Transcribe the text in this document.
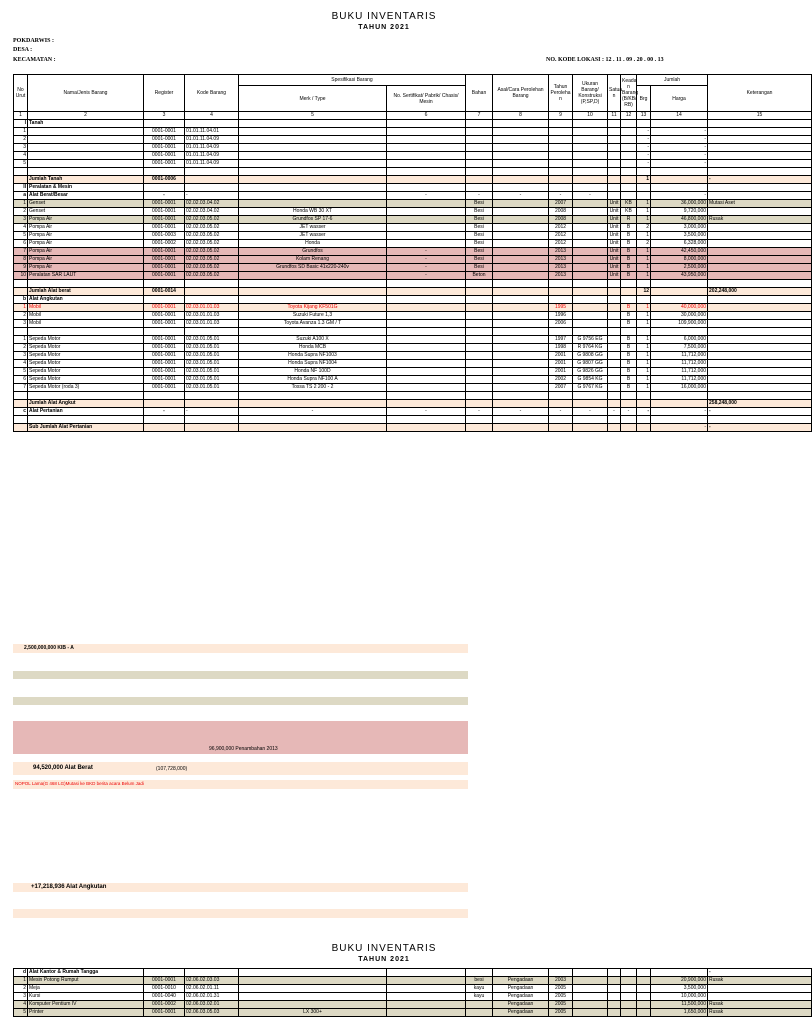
BUKU INVENTARIS
TAHUN 2021
POKDARWIS :
DESA :
KECAMATAN :	NO. KODE LOKASI : 12 . 11 . 09 . 20 . 00 . 13
No Urut	Nama/Jenis Barang	Register	Kode Barang	Spesifikasi Barang		Bahan	Asal/Cara Perolehan Barang	Tahun Peroleha n	Ukuran Barang/ Konstruksi (P,SP,D)	Satua n	Keada n Barang (B/KB/ RB)	Jumlah		Keterangan
				Merk / Type	No. Sertifikat/ Pabrik/ Chasis/ Mesin							Brg	Harga	
1	2	3	4	5	6	7	8	9	10	11	12	13	14	15
I	Tanah													
1		0001-0001	01.01.11.04.01									-	-	
2		0001-0001	01.01.11.04.09									-	-	
3		0001-0001	01.01.11.04.09									-	-	
4		0001-0001	01.01.11.04.09									-	-	
5		0001-0001	01.01.11.04.09									-	-	

	Jumlah Tanah	0001-0006										1		-
II	Peralatan & Mesin													
a	Alat Berat/Besar	-	-		-	-	-	-	-				-	
1	Genset	0001-0001	02.02.03.04.02			Besi		2007		Unit	KB	1	36,000,000	Mutasi Aset
2	Genset	0001-0001	02.02.03.04.02	Honda WB 30 XT		Besi		2008		Unit	KB	1	9,720,000	
3	Pompa Air	0001-0001	02.02.03.05.02	Grundfos SP 17-6		Besi		2008		Unit	R	1	46,800,000	Rusak
4	Pompa Air	0001-0001	02.02.03.05.02	JET wasser		Besi		2012		Unit	B	2	3,000,000	
5	Pompa Air	0001-0003	02.02.03.05.02	JET wasser		Besi		2012		Unit	B	1	3,500,000	
6	Pompa Air	0001-0002	02.02.03.05.02	Honda		Besi		2012		Unit	B	2	6,328,000	
7	Pompa Air	0001-0001	02.02.03.05.02	Grundfos	-	Besi		2013		Unit	B	1	42,450,000	
8	Pompa Air	0001-0001	02.02.03.05.02	Kolam Renang	-	Besi		2013		Unit	B	1	8,000,000	
9	Pompa Air	0001-0001	02.02.03.05.02	Grundfos SD Basic 41x220-240v	-	Besi		2013		Unit	B	1	2,500,000	
10	Peralatan SAR LAUT	0001-0001	02.02.03.05.02		-	Beton		2013		Unit	B	1	43,950,000	

	Jumlah Alat berat	0001-0014										12		202,248,000
b	Alat Angkutan													
1	Mobil	0001-0001	02.03.01.01.03	Toyota Kijang KF501G				1995			B	1	40,000,000	
2	Mobil	0001-0001	02.03.01.01.03	Suzuki Future 1,3				1996			B	1	30,000,000	
3	Mobil	0001-0001	02.03.01.01.03	Toyota Avanza 1.3 GM / T				2006			B	1	109,900,000	

1	Sepeda Motor	0001-0001	02.03.01.05.01	Suzuki A100 X				1997	G 9756 EG		B	1	6,000,000	
2	Sepeda Motor	0001-0001	02.03.01.05.01	Honda MCB				1998	R 9764 KG		B	1	7,500,000	
3	Sepeda Motor	0001-0001	02.03.01.05.01	Honda Supra NF1003				2001	G 9808 GG		B	1	11,712,000	
4	Sepeda Motor	0001-0001	02.03.01.05.01	Honda Supra NF1004				2001	G 9807 GG		B	1	11,712,000	
5	Sepeda Motor	0001-0001	02.03.01.05.01	Honda NF 100D				2001	G 9826 GG		B	1	11,712,000	
6	Sepeda Motor	0001-0001	02.03.01.05.01	Honda Supra NF100 A				2002	G 9854 KG		B	1	11,712,000	
7	Sepeda Motor (roda 3)	0001-0001	02.03.01.05.01	Tossa TS 2 200 - 2				2007	G 9767 KG		B	1	16,000,000	

	Jumlah Alat Angkut													258,248,000
c	Alat Pertanian	-	-	-	-	-	-	-	-	-	-	-	-	-

	Sub Jumlah Alat Pertanian												-	-
2,500,000,000 KIB - A
96,900,000 Penambahan 2013
94,520,000 Alat Berat	(107,728,000)
NOPOL Lama(G 468 LG)Mutasi ke BKD berita acara Belum Jadi
+17,218,936 Alat Angkutan
BUKU INVENTARIS
TAHUN 2021
d	Alat Kantor & Rumah Tangga													-
1	Mesin Potong Rumput	0001-0001	02.06.02.03.03			besi	Pengadaan	2003					20,900,000	Rusak
2	Meja	0001-0010	02.06.02.01.11			kayu	Pengadaan	2005					3,500,000	
3	Kursi	0001-0040	02.06.02.01.31			kayu	Pengadaan	2005					10,000,000	
4	Komputer Pentium IV	0001-0002	02.06.03.02.01				Pengadaan	2005					11,500,000	Rusak
5	Printer	0001-0001	02.06.03.05.03	LX 300+			Pengadaan	2005					1,650,000	Rusak
